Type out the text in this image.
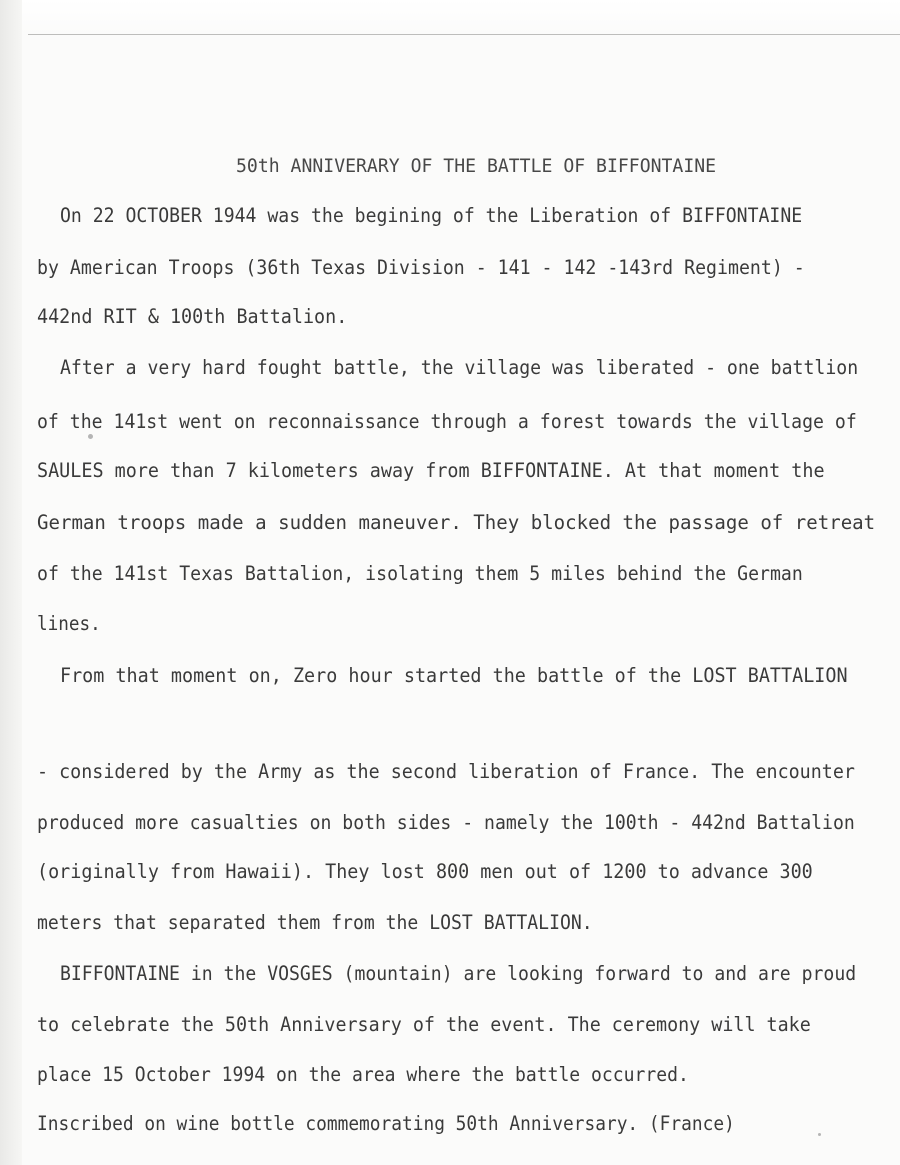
50th ANNIVERARY OF THE BATTLE OF BIFFONTAINE
On 22 OCTOBER 1944 was the begining of the Liberation of BIFFONTAINE
by American Troops (36th Texas Division - 141 - 142 -143rd Regiment) -
442nd RIT & 100th Battalion.
After a very hard fought battle, the village was liberated - one battlion
of the 141st went on reconnaissance through a forest towards the village of
SAULES more than 7 kilometers away from BIFFONTAINE. At that moment the
German troops made a sudden maneuver. They blocked the passage of retreat
of the 141st Texas Battalion, isolating them 5 miles behind the German
lines.
From that moment on, Zero hour started the battle of the LOST BATTALION
- considered by the Army as the second liberation of France. The encounter
produced more casualties on both sides - namely the 100th - 442nd Battalion
(originally from Hawaii). They lost 800 men out of 1200 to advance 300
meters that separated them from the LOST BATTALION.
BIFFONTAINE in the VOSGES (mountain) are looking forward to and are proud
to celebrate the 50th Anniversary of the event. The ceremony will take
place 15 October 1994 on the area where the battle occurred.
Inscribed on wine bottle commemorating 50th Anniversary. (France)
